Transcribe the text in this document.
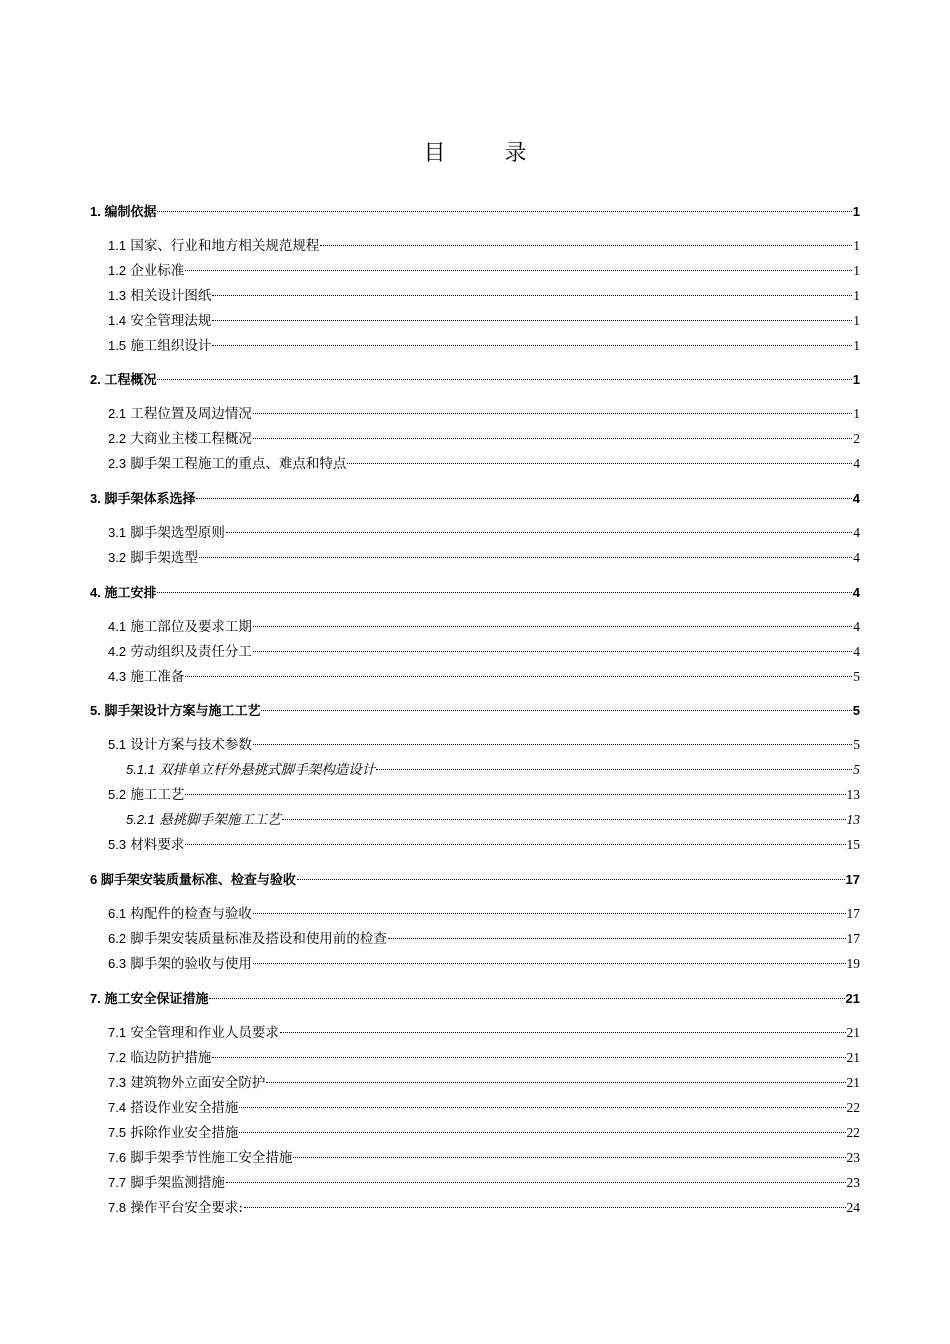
目 录
1. 编制依据	1
1.1 国家、行业和地方相关规范规程	1
1.2 企业标准	1
1.3 相关设计图纸	1
1.4 安全管理法规	1
1.5 施工组织设计	1
2. 工程概况	1
2.1 工程位置及周边情况	1
2.2 大商业主楼工程概况	2
2.3 脚手架工程施工的重点、难点和特点	4
3. 脚手架体系选择	4
3.1 脚手架选型原则	4
3.2 脚手架选型	4
4. 施工安排	4
4.1 施工部位及要求工期	4
4.2 劳动组织及责任分工	4
4.3 施工准备	5
5. 脚手架设计方案与施工工艺	5
5.1 设计方案与技术参数	5
5.1.1 双排单立杆外悬挑式脚手架构造设计	5
5.2 施工工艺	13
5.2.1 悬挑脚手架施工工艺	13
5.3 材料要求	15
6 脚手架安装质量标准、检查与验收	17
6.1 构配件的检查与验收	17
6.2 脚手架安装质量标准及搭设和使用前的检查	17
6.3 脚手架的验收与使用	19
7. 施工安全保证措施	21
7.1 安全管理和作业人员要求	21
7.2 临边防护措施	21
7.3 建筑物外立面安全防护	21
7.4 搭设作业安全措施	22
7.5 拆除作业安全措施	22
7.6 脚手架季节性施工安全措施	23
7.7 脚手架监测措施	23
7.8 操作平台安全要求:	24
